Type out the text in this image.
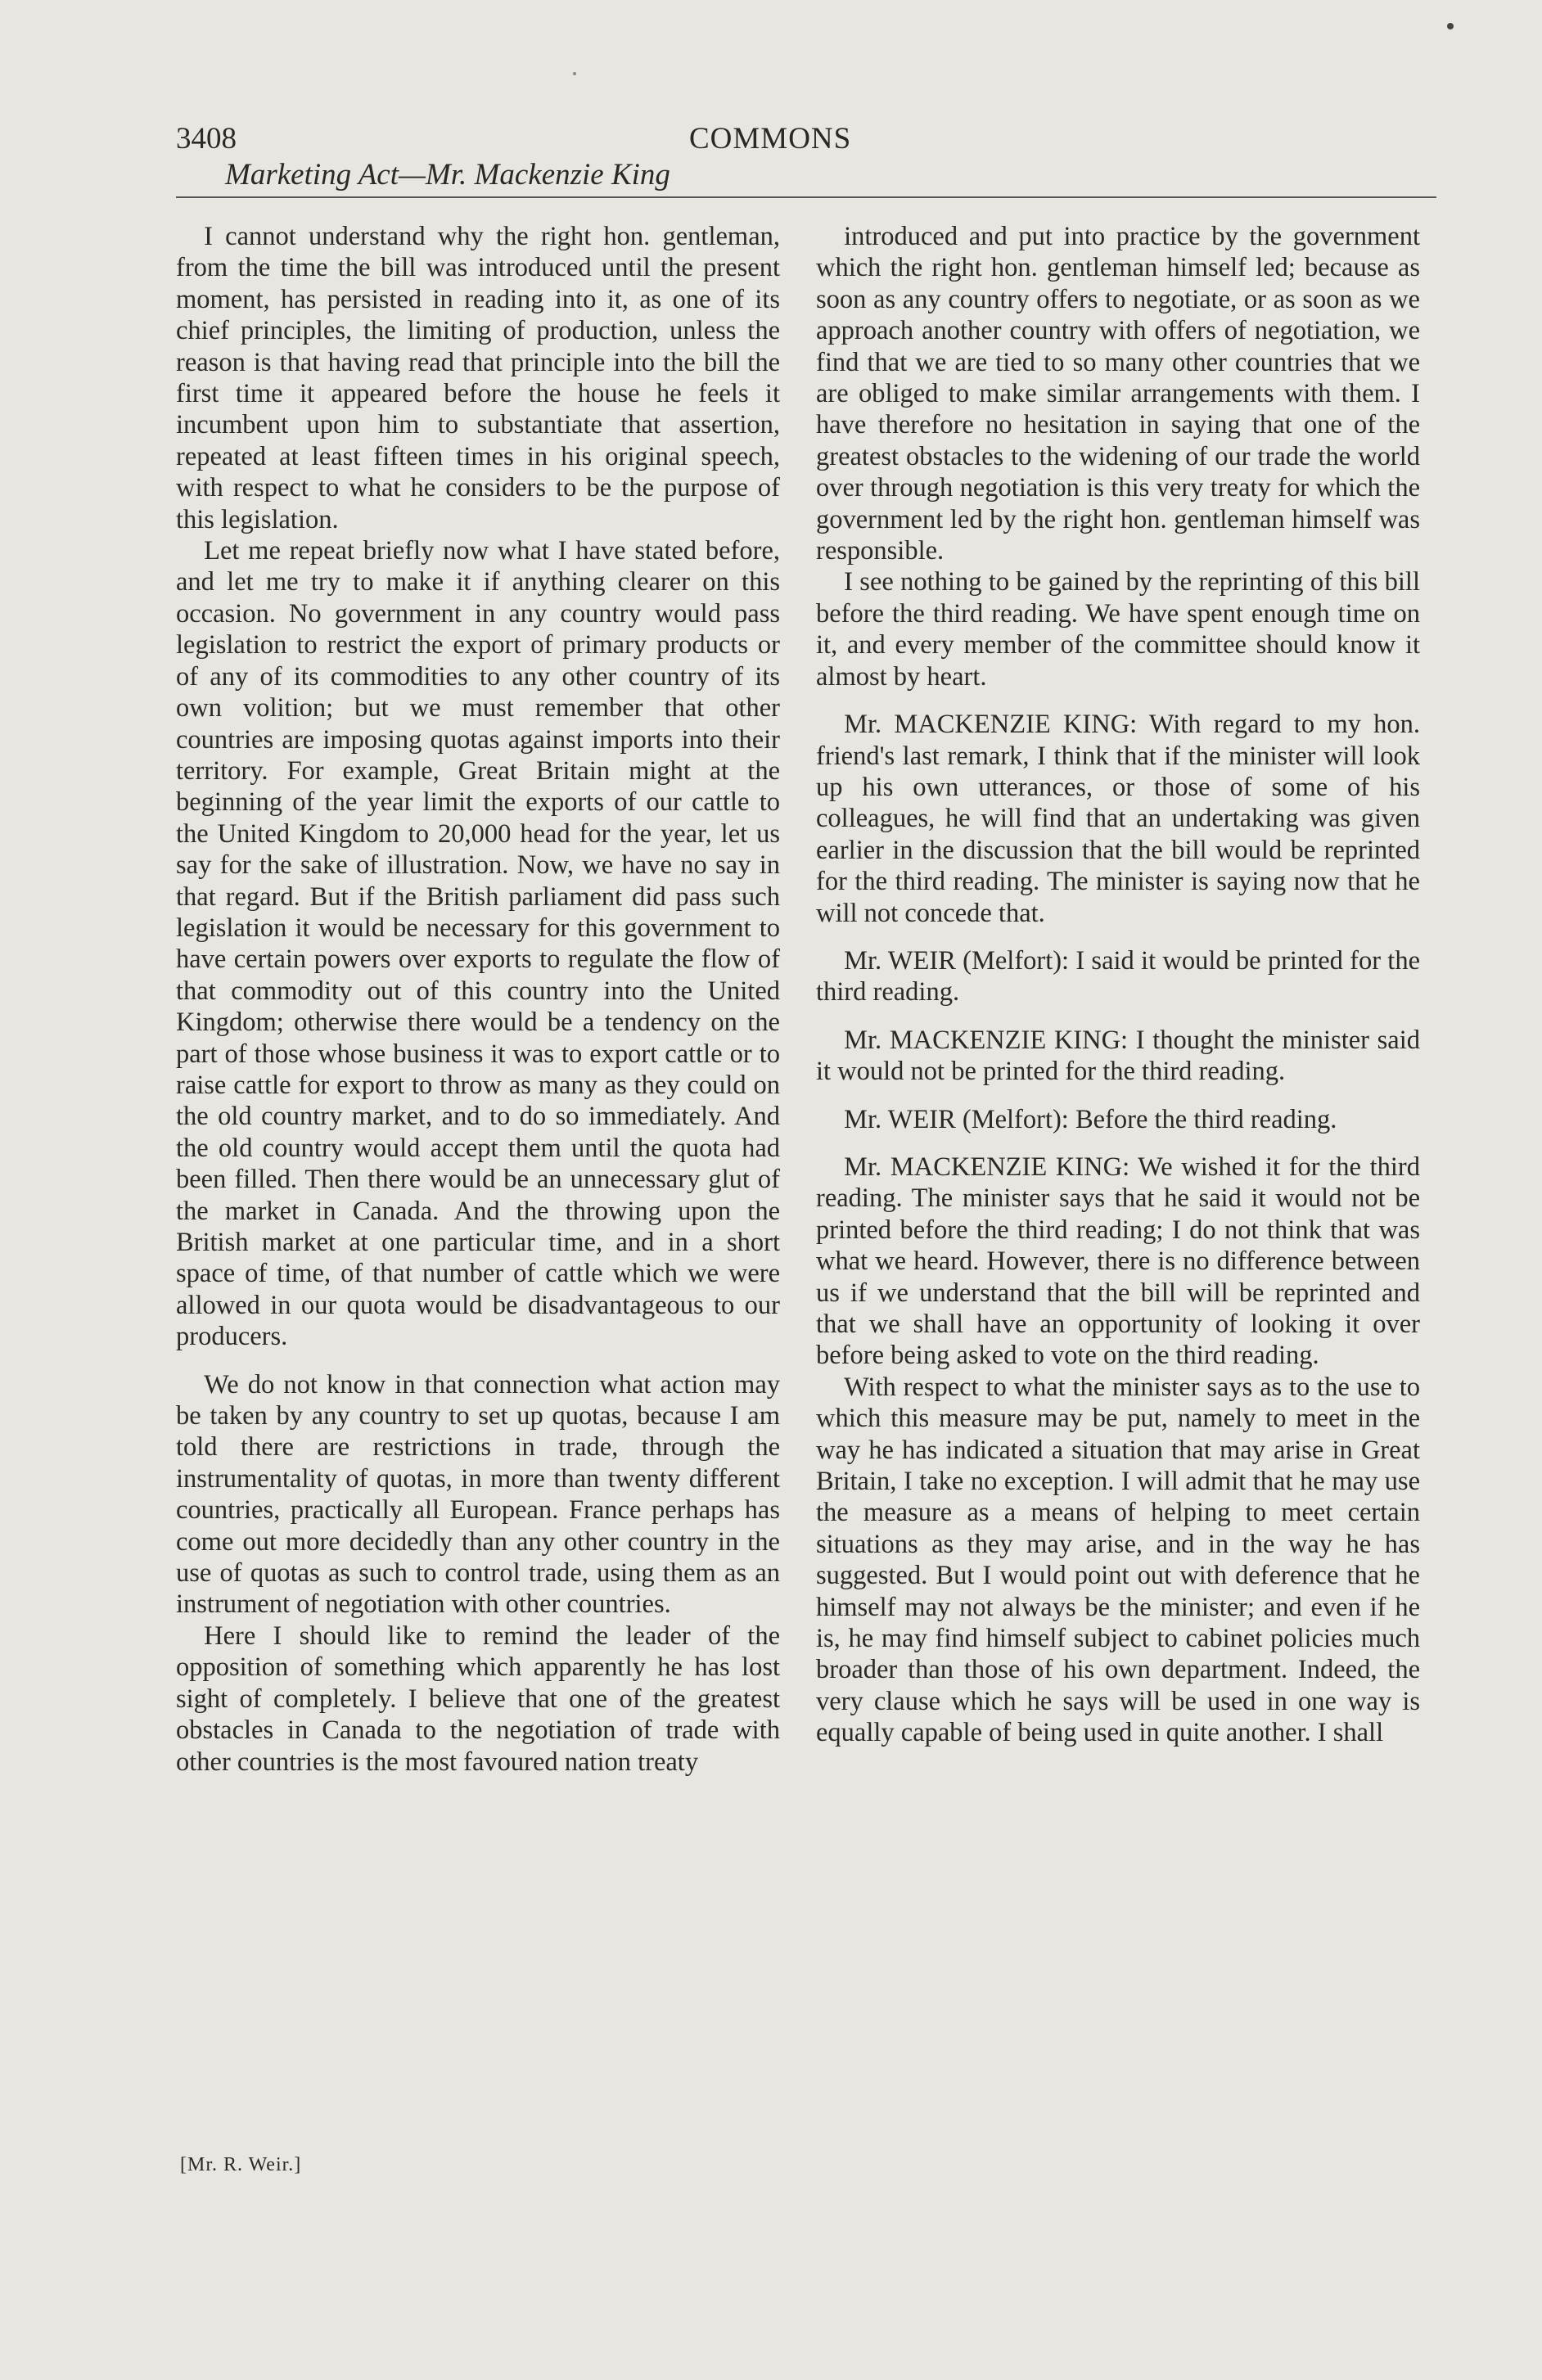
3408	COMMONS
Marketing Act—Mr. Mackenzie King

I cannot understand why the right hon. gentleman, from the time the bill was introduced until the present moment, has persisted in reading into it, as one of its chief principles, the limiting of production, unless the reason is that having read that principle into the bill the first time it appeared before the house he feels it incumbent upon him to substantiate that assertion, repeated at least fifteen times in his original speech, with respect to what he considers to be the purpose of this legislation.

Let me repeat briefly now what I have stated before, and let me try to make it if anything clearer on this occasion. No government in any country would pass legislation to restrict the export of primary products or of any of its commodities to any other country of its own volition; but we must remember that other countries are imposing quotas against imports into their territory. For example, Great Britain might at the beginning of the year limit the exports of our cattle to the United Kingdom to 20,000 head for the year, let us say for the sake of illustration. Now, we have no say in that regard. But if the British parliament did pass such legislation it would be necessary for this government to have certain powers over exports to regulate the flow of that commodity out of this country into the United Kingdom; otherwise there would be a tendency on the part of those whose business it was to export cattle or to raise cattle for export to throw as many as they could on the old country market, and to do so immediately. And the old country would accept them until the quota had been filled. Then there would be an unnecessary glut of the market in Canada. And the throwing upon the British market at one particular time, and in a short space of time, of that number of cattle which we were allowed in our quota would be disadvantageous to our producers.

We do not know in that connection what action may be taken by any country to set up quotas, because I am told there are restrictions in trade, through the instrumentality of quotas, in more than twenty different countries, practically all European. France perhaps has come out more decidedly than any other country in the use of quotas as such to control trade, using them as an instrument of negotiation with other countries.

Here I should like to remind the leader of the opposition of something which apparently he has lost sight of completely. I believe that one of the greatest obstacles in Canada to the negotiation of trade with other countries is the most favoured nation treaty

[Mr. R. Weir.]

introduced and put into practice by the government which the right hon. gentleman himself led; because as soon as any country offers to negotiate, or as soon as we approach another country with offers of negotiation, we find that we are tied to so many other countries that we are obliged to make similar arrangements with them. I have therefore no hesitation in saying that one of the greatest obstacles to the widening of our trade the world over through negotiation is this very treaty for which the government led by the right hon. gentleman himself was responsible.

I see nothing to be gained by the reprinting of this bill before the third reading. We have spent enough time on it, and every member of the committee should know it almost by heart.

Mr. MACKENZIE KING: With regard to my hon. friend's last remark, I think that if the minister will look up his own utterances, or those of some of his colleagues, he will find that an undertaking was given earlier in the discussion that the bill would be reprinted for the third reading. The minister is saying now that he will not concede that.

Mr. WEIR (Melfort): I said it would be printed for the third reading.

Mr. MACKENZIE KING: I thought the minister said it would not be printed for the third reading.

Mr. WEIR (Melfort): Before the third reading.

Mr. MACKENZIE KING: We wished it for the third reading. The minister says that he said it would not be printed before the third reading; I do not think that was what we heard. However, there is no difference between us if we understand that the bill will be reprinted and that we shall have an opportunity of looking it over before being asked to vote on the third reading.

With respect to what the minister says as to the use to which this measure may be put, namely to meet in the way he has indicated a situation that may arise in Great Britain, I take no exception. I will admit that he may use the measure as a means of helping to meet certain situations as they may arise, and in the way he has suggested. But I would point out with deference that he himself may not always be the minister; and even if he is, he may find himself subject to cabinet policies much broader than those of his own department. Indeed, the very clause which he says will be used in one way is equally capable of being used in quite another. I shall
